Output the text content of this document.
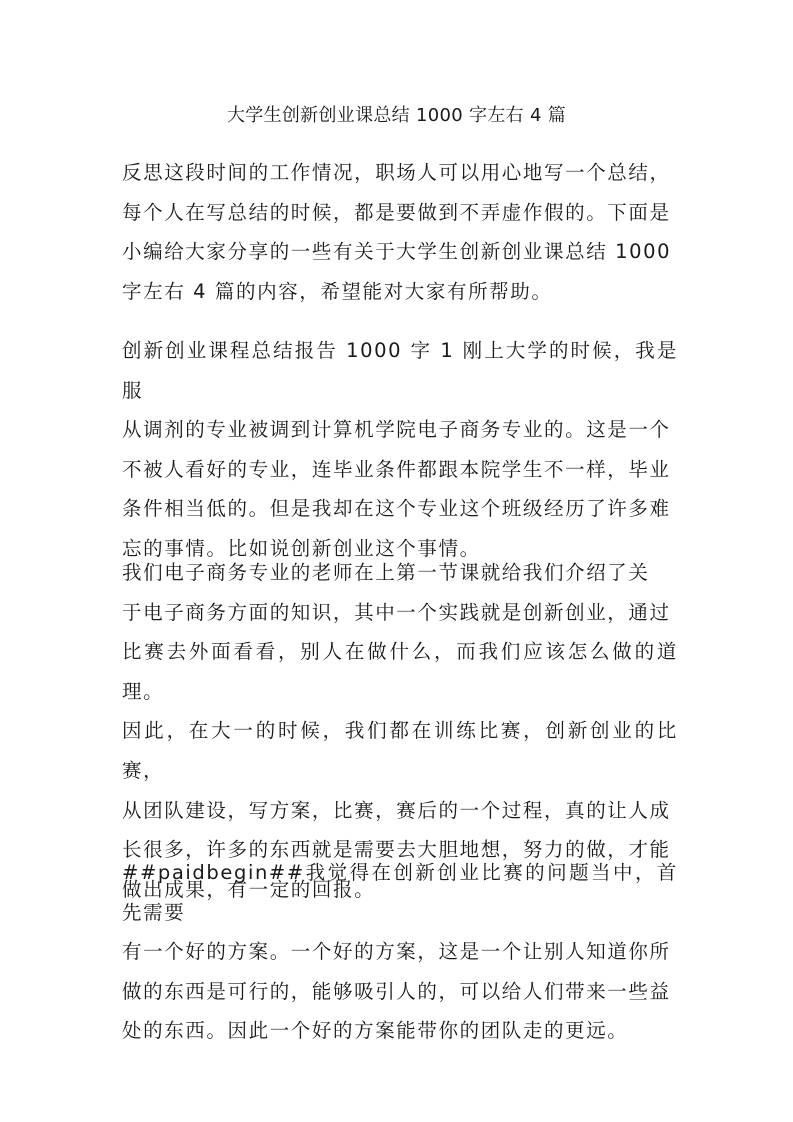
大学生创新创业课总结 1000 字左右 4 篇

反思这段时间的工作情况，职场人可以用心地写一个总结，
每个人在写总结的时候，都是要做到不弄虚作假的。下面是
小编给大家分享的一些有关于大学生创新创业课总结 1000
字左右 4 篇的内容，希望能对大家有所帮助。

创新创业课程总结报告 1000 字 1 刚上大学的时候，我是服
从调剂的专业被调到计算机学院电子商务专业的。这是一个
不被人看好的专业，连毕业条件都跟本院学生不一样，毕业
条件相当低的。但是我却在这个专业这个班级经历了许多难
忘的事情。比如说创新创业这个事情。

我们电子商务专业的老师在上第一节课就给我们介绍了关
于电子商务方面的知识，其中一个实践就是创新创业，通过
比赛去外面看看，别人在做什么，而我们应该怎么做的道理。
因此，在大一的时候，我们都在训练比赛，创新创业的比赛，
从团队建设，写方案，比赛，赛后的一个过程，真的让人成
长很多，许多的东西就是需要去大胆地想，努力的做，才能
做出成果，有一定的回报。

##paidbegin##我觉得在创新创业比赛的问题当中，首先需要
有一个好的方案。一个好的方案，这是一个让别人知道你所
做的东西是可行的，能够吸引人的，可以给人们带来一些益
处的东西。因此一个好的方案能带你的团队走的更远。
